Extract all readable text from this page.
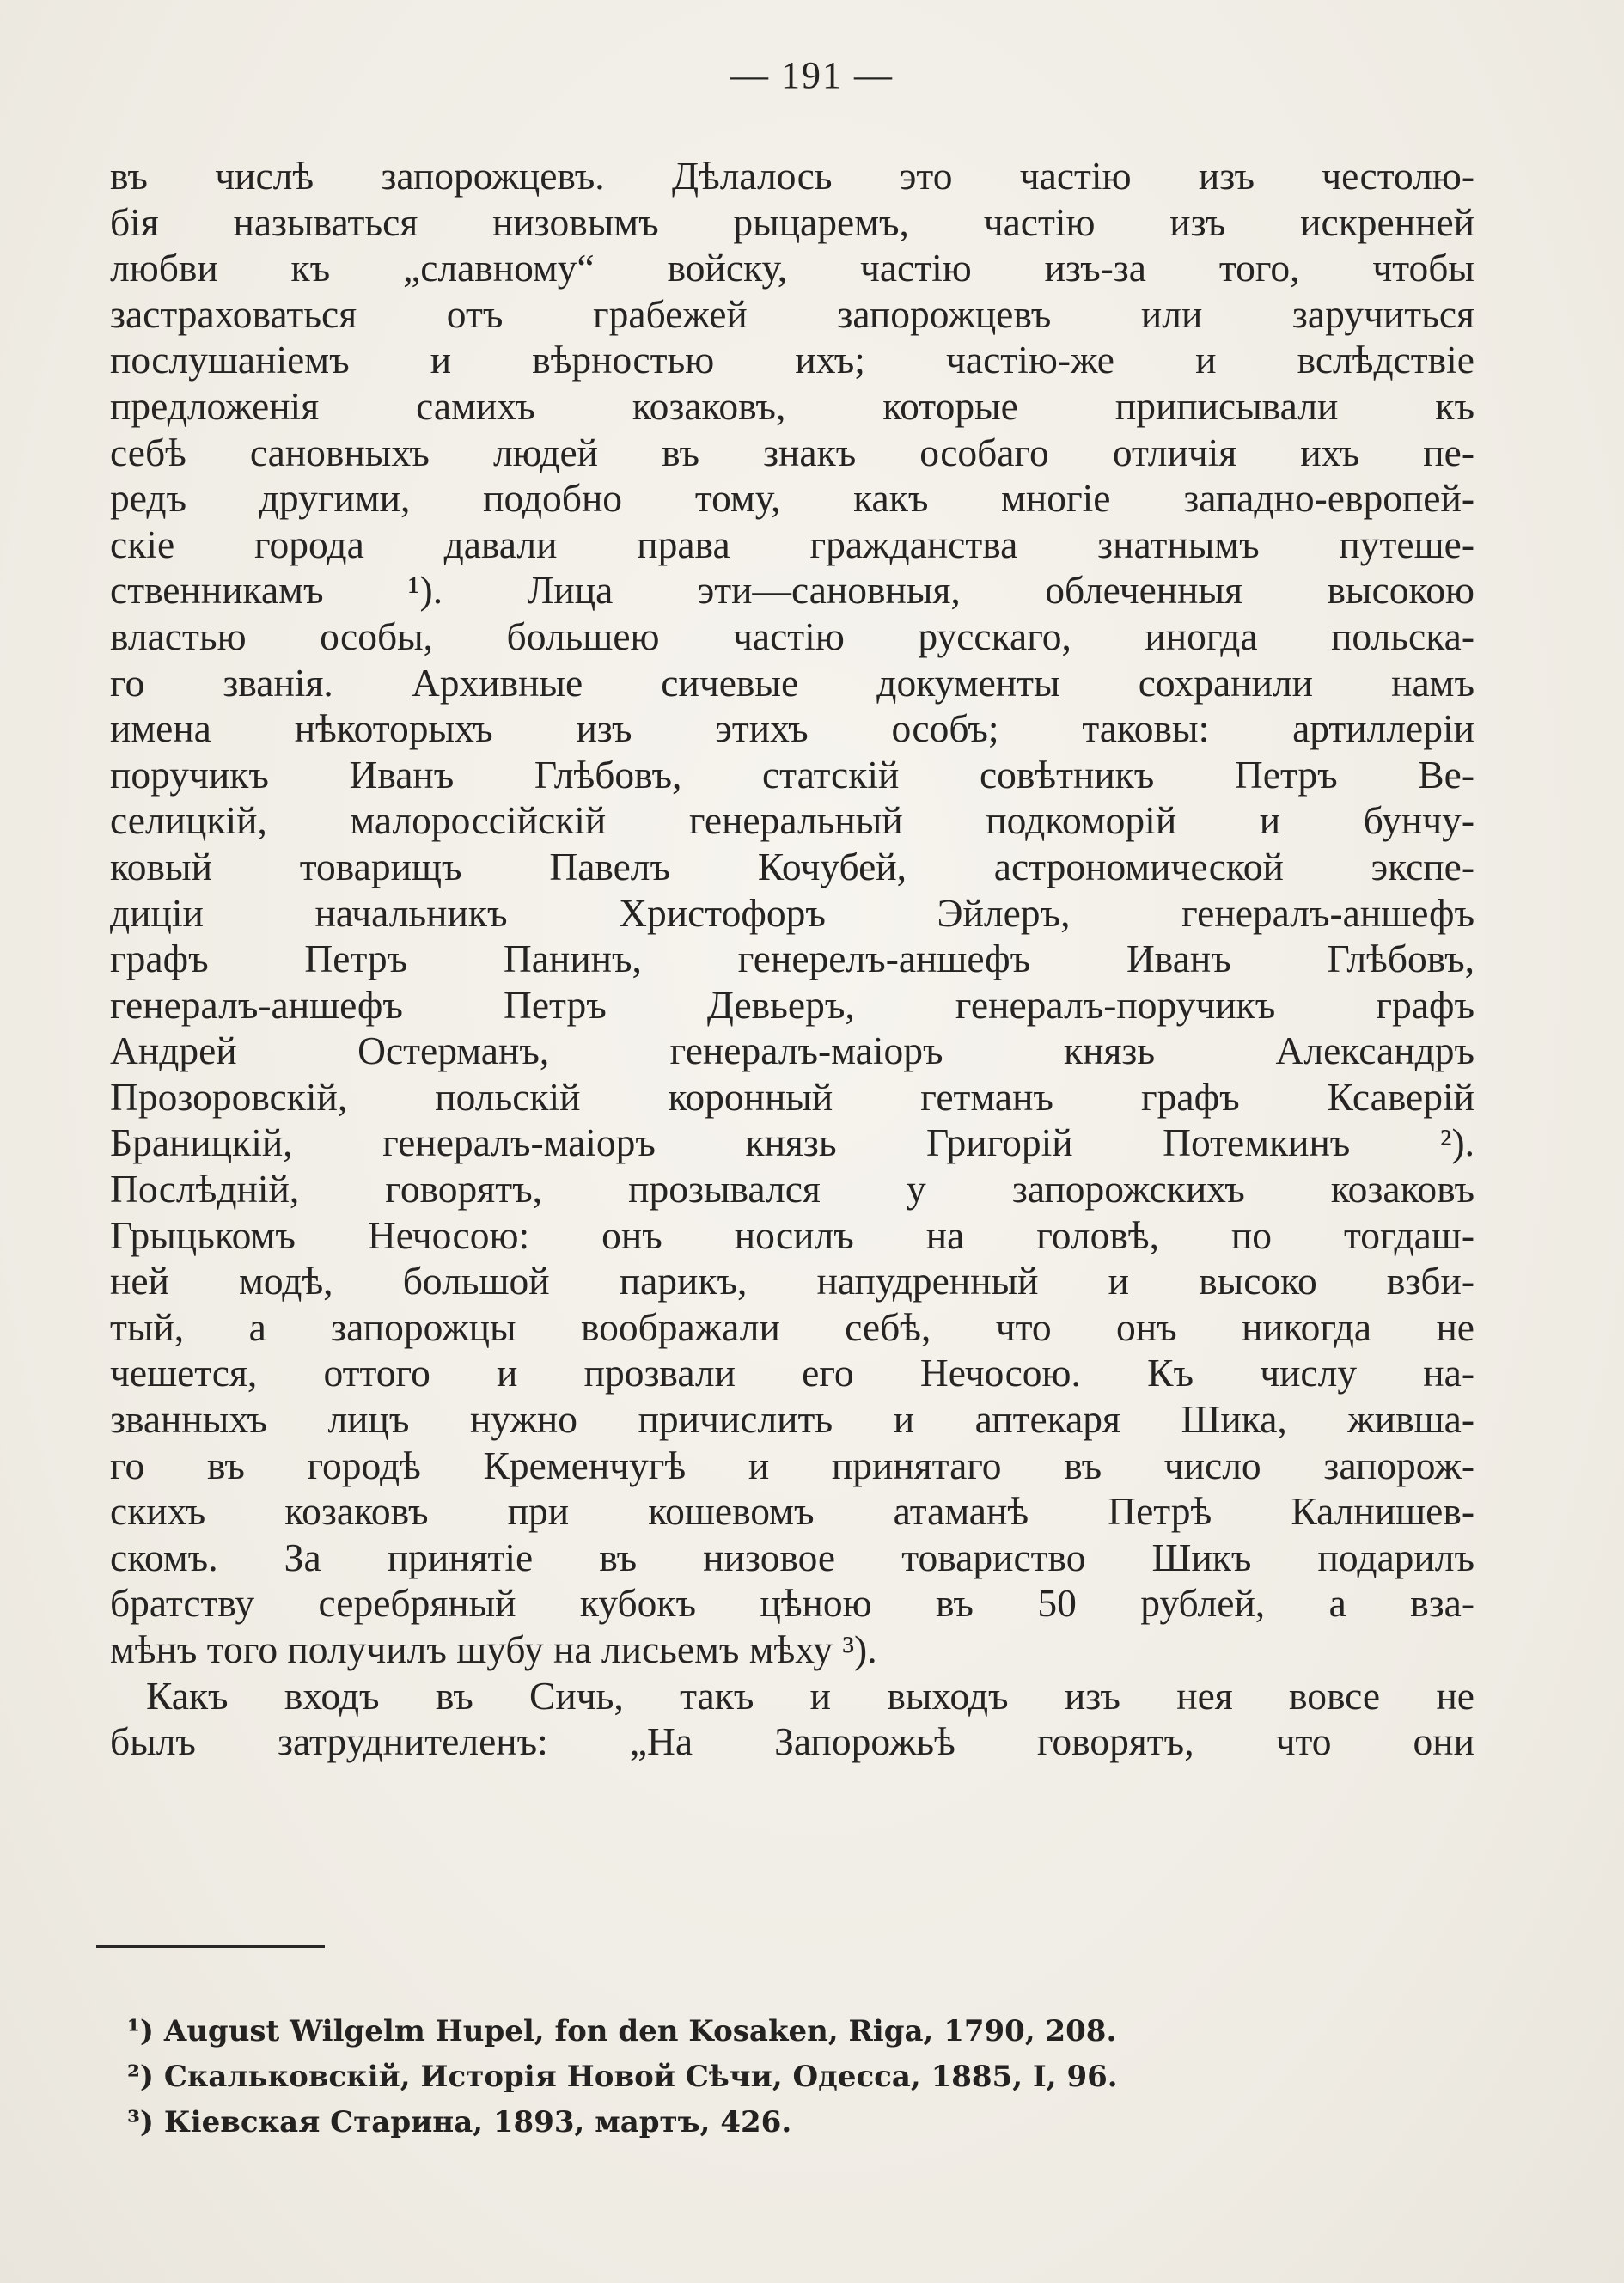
— 191 —
въ числѣ запорожцевъ. Дѣлалось это частію изъ честолю-
бія называться низовымъ рыцаремъ, частію изъ искренней
любви къ „славному“ войску, частію изъ-за того, чтобы
застраховаться отъ грабежей запорожцевъ или заручиться
послушаніемъ и вѣрностью ихъ; частію-же и вслѣдствіе
предложенія самихъ козаковъ, которые приписывали къ
себѣ сановныхъ людей въ знакъ особаго отличія ихъ пе-
редъ другими, подобно тому, какъ многіе западно-европей-
скіе города давали права гражданства знатнымъ путеше-
ственникамъ ¹). Лица эти—сановныя, облеченныя высокою
властью особы, большею частію русскаго, иногда польска-
го званія. Архивные сичевые документы сохранили намъ
имена нѣкоторыхъ изъ этихъ особъ; таковы: артиллеріи
поручикъ Иванъ Глѣбовъ, статскій совѣтникъ Петръ Ве-
селицкій, малороссійскій генеральный подкоморій и бунчу-
ковый товарищъ Павелъ Кочубей, астрономической экспе-
диціи начальникъ Христофоръ Эйлеръ, генералъ-аншефъ
графъ Петръ Панинъ, генерелъ-аншефъ Иванъ Глѣбовъ,
генералъ-аншефъ Петръ Девьеръ, генералъ-поручикъ графъ
Андрей Остерманъ, генералъ-маіоръ князь Александръ
Прозоровскій, польскій коронный гетманъ графъ Ксаверій
Браницкій, генералъ-маіоръ князь Григорій Потемкинъ ²).
Послѣдній, говорятъ, прозывался у запорожскихъ козаковъ
Грыцькомъ Нечосою: онъ носилъ на головѣ, по тогдаш-
ней модѣ, большой парикъ, напудренный и высоко взби-
тый, а запорожцы воображали себѣ, что онъ никогда не
чешется, оттого и прозвали его Нечосою. Къ числу на-
званныхъ лицъ нужно причислить и аптекаря Шика, живша-
го въ городѣ Кременчугѣ и принятаго въ число запорож-
скихъ козаковъ при кошевомъ атаманѣ Петрѣ Калнишев-
скомъ. За принятіе въ низовое товариство Шикъ подарилъ
братству серебряный кубокъ цѣною въ 50 рублей, а вза-
мѣнъ того получилъ шубу на лисьемъ мѣху ³).
Какъ входъ въ Сичь, такъ и выходъ изъ нея вовсе не
былъ затруднителенъ: „На Запорожьѣ говорятъ, что они
¹) August Wilgelm Hupel, fon den Kosaken, Riga, 1790, 208.
²) Скальковскій, Исторія Новой Сѣчи, Одесса, 1885, I, 96.
³) Кіевская Старина, 1893, мартъ, 426.
